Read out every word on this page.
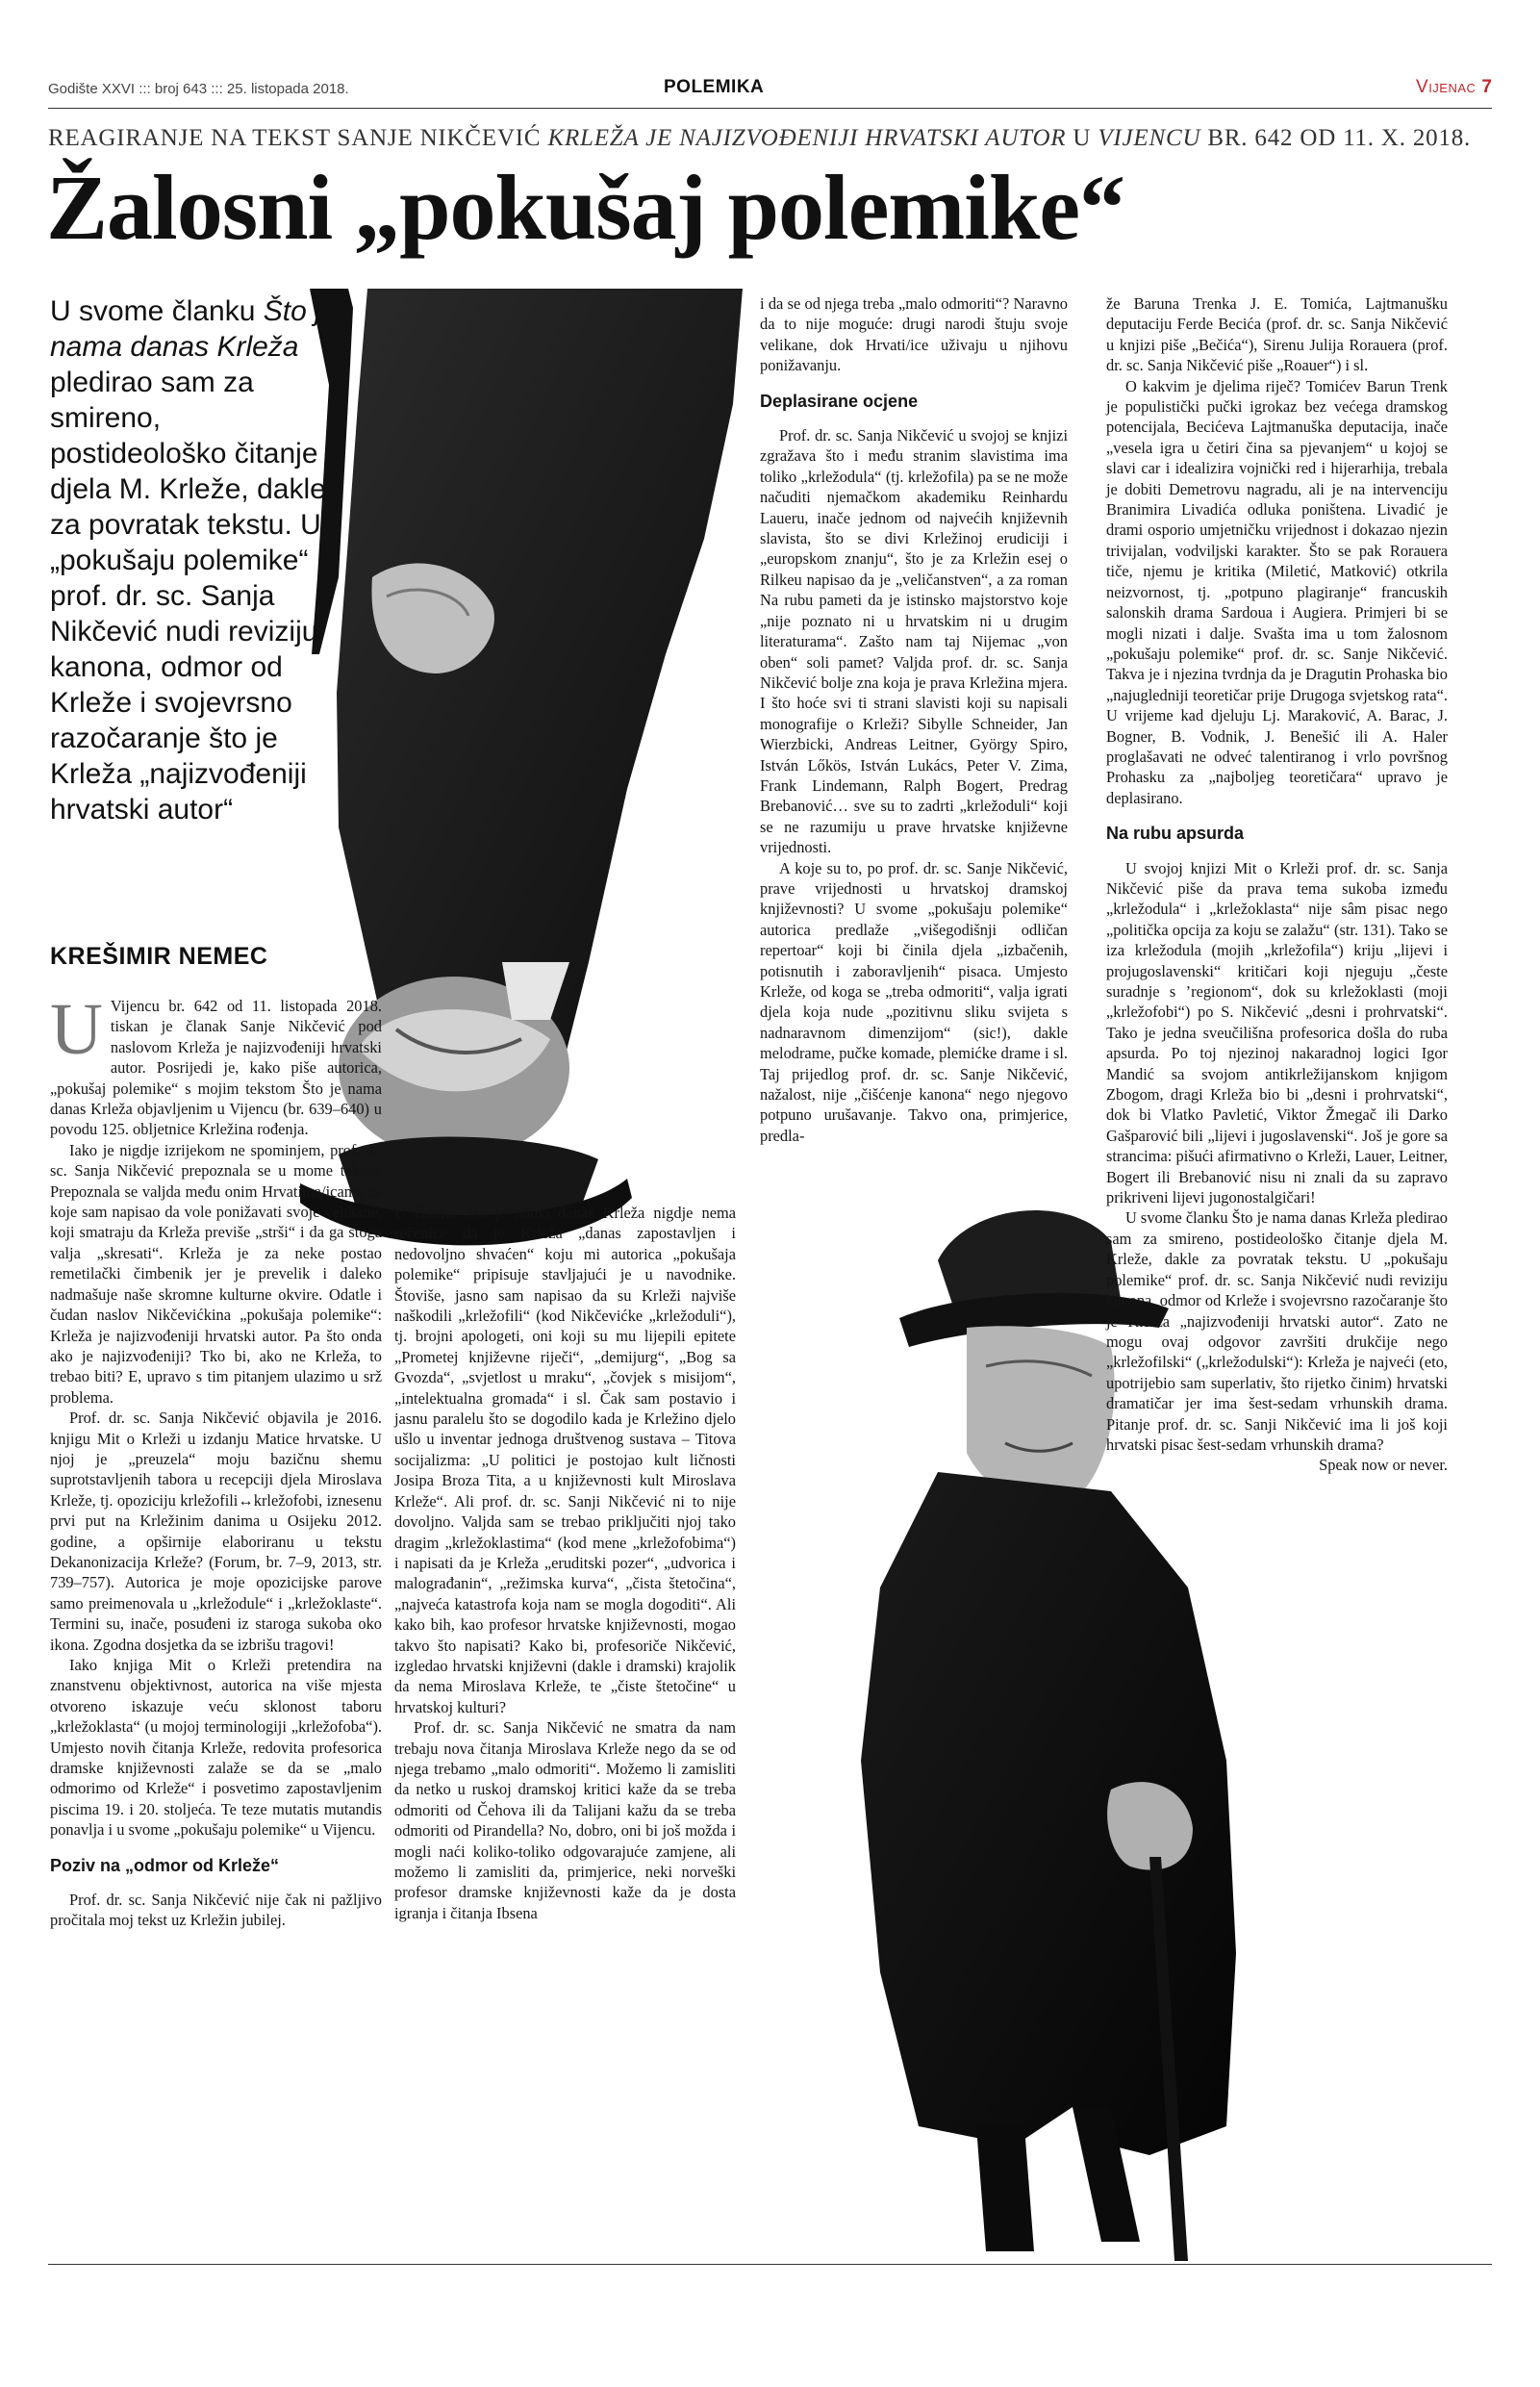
Godište XXVI ::: broj 643 ::: 25. listopada 2018.	POLEMIKA	Vijenac 7
REAGIRANJE NA TEKST SANJE NIKČEVIĆ KRLEŽA JE NAJIZVOĐENIJI HRVATSKI AUTOR U VIJENCU BR. 642 OD 11. X. 2018.
Žalosni „pokušaj polemike“
U svome članku Što je nama danas Krleža pledirao sam za smireno, postideološko čitanje djela M. Krleže, dakle za povratak tekstu. U „pokušaju polemike“ prof. dr. sc. Sanja Nikčević nudi reviziju kanona, odmor od Krleže i svojevrsno razočaranje što je Krleža „najizvođeniji hrvatski autor“
KREŠIMIR NEMEC

U Vijencu br. 642 od 11. listopada 2018. tiskan je članak Sanje Nikčević pod naslovom Krleža je najizvođeniji hrvatski autor. Posrijedi je, kako piše autorica, „pokušaj polemike“ s mojim tekstom Što je nama danas Krleža objavljenim u Vijencu (br. 639–640) u povodu 125. obljetnice Krležina rođenja.

Iako je nigdje izrijekom ne spominjem, prof. dr. sc. Sanja Nikčević prepoznala se u mome tekstu. Prepoznala se valjda među onim Hrvatima/icama za koje sam napisao da vole ponižavati svoje velikane, koji smatraju da Krleža previše „strši“ i da ga stoga valja „skresati“. Krleža je za neke postao remetilački čimbenik jer je prevelik i daleko nadmašuje naše skromne kulturne okvire. Odatle i čudan naslov Nikčevićkina „pokušaja polemike“: Krleža je najizvođeniji hrvatski autor. Pa što onda ako je najizvođeniji? Tko bi, ako ne Krleža, to trebao biti? E, upravo s tim pitanjem ulazimo u srž problema.

Prof. dr. sc. Sanja Nikčević objavila je 2016. knjigu Mit o Krleži u izdanju Matice hrvatske. U njoj je „preuzela“ moju bazičnu shemu suprotstavljenih tabora u recepciji djela Miroslava Krleže, tj. opoziciju krležofili↔krležofobi, iznesenu prvi put na Krležinim danima u Osijeku 2012. godine, a opširnije elaboriranu u tekstu Dekanonizacija Krleže? (Forum, br. 7–9, 2013, str. 739–757). Autorica je moje opozicijske parove samo preimenovala u „krležodule“ i „krležoklaste“. Termini su, inače, posuđeni iz staroga sukoba oko ikona. Zgodna dosjetka da se izbrišu tragovi!

Iako knjiga Mit o Krleži pretendira na znanstvenu objektivnost, autorica na više mjesta otvoreno iskazuje veću sklonost taboru „krležoklasta“ (u mojoj terminologiji „krležofoba“). Umjesto novih čitanja Krleže, redovita profesorica dramske književnosti zalaže se da se „malo odmorimo od Krleže“ i posvetimo zapostavljenim piscima 19. i 20. stoljeća. Te teze mutatis mutandis ponavlja i u svome „pokušaju polemike“ u Vijencu.

Poziv na „odmor od Krleže“

Prof. dr. sc. Sanja Nikčević nije čak ni pažljivo pročitala moj tekst uz Krležin jubilej.

U članku Što je nama danas Krleža nigdje nema rečenice da je Krleža „danas zapostavljen i nedovoljno shvaćen“ koju mi autorica „pokušaja polemike“ pripisuje stavljajući je u navodnike. Štoviše, jasno sam napisao da su Krleži najviše naškodili „krležofili“ (kod Nikčevićke „krležoduli“), tj. brojni apologeti, oni koji su mu lijepili epitete „Prometej književne riječi“, „demijurg“, „Bog sa Gvozda“, „svjetlost u mraku“, „čovjek s misijom“, „intelektualna gromada“ i sl. Čak sam postavio i jasnu paralelu što se dogodilo kada je Krležino djelo ušlo u inventar jednoga društvenog sustava – Titova socijalizma: „U politici je postojao kult ličnosti Josipa Broza Tita, a u književnosti kult Miroslava Krleže“. Ali prof. dr. sc. Sanji Nikčević ni to nije dovoljno. Valjda sam se trebao priključiti njoj tako dragim „krležoklastima“ (kod mene „krležofobima“) i napisati da je Krleža „eruditski pozer“, „udvorica i malograđanin“, „režimska kurva“, „čista štetočina“, „najveća katastrofa koja nam se mogla dogoditi“. Ali kako bih, kao profesor hrvatske književnosti, mogao takvo što napisati? Kako bi, profesoriče Nikčević, izgledao hrvatski književni (dakle i dramski) krajolik da nema Miroslava Krleže, te „čiste štetočine“ u hrvatskoj kulturi?

Prof. dr. sc. Sanja Nikčević ne smatra da nam trebaju nova čitanja Miroslava Krleže nego da se od njega trebamo „malo odmoriti“. Možemo li zamisliti da netko u ruskoj dramskoj kritici kaže da se treba odmoriti od Čehova ili da Talijani kažu da se treba odmoriti od Pirandella? No, dobro, oni bi još možda i mogli naći koliko-toliko odgovarajuće zamjene, ali možemo li zamisliti da, primjerice, neki norveški profesor dramske književnosti kaže da je dosta igranja i čitanja Ibsena

i da se od njega treba „malo odmoriti“? Naravno da to nije moguće: drugi narodi štuju svoje velikane, dok Hrvati/ice uživaju u njihovu ponižavanju.

Deplasirane ocjene

Prof. dr. sc. Sanja Nikčević u svojoj se knjizi zgražava što i među stranim slavistima ima toliko „krležodula“ (tj. krležofila) pa se ne može načuditi njemačkom akademiku Reinhardu Laueru, inače jednom od najvećih književnih slavista, što se divi Krležinoj erudiciji i „europskom znanju“, što je za Krležin esej o Rilkeu napisao da je „veličanstven“, a za roman Na rubu pameti da je istinsko majstorstvo koje „nije poznato ni u hrvatskim ni u drugim literaturama“. Zašto nam taj Nijemac „von oben“ soli pamet? Valjda prof. dr. sc. Sanja Nikčević bolje zna koja je prava Krležina mjera. I što hoće svi ti strani slavisti koji su napisali monografije o Krleži? Sibylle Schneider, Jan Wierzbicki, Andreas Leitner, György Spiro, István Lőkös, István Lukács, Peter V. Zima, Frank Lindemann, Ralph Bogert, Predrag Brebanović… sve su to zadrti „krležoduli“ koji se ne razumiju u prave hrvatske književne vrijednosti.

A koje su to, po prof. dr. sc. Sanje Nikčević, prave vrijednosti u hrvatskoj dramskoj književnosti? U svome „pokušaju polemike“ autorica predlaže „višegodišnji odličan repertoar“ koji bi činila djela „izbačenih, potisnutih i zaboravljenih“ pisaca. Umjesto Krleže, od koga se „treba odmoriti“, valja igrati djela koja nude „pozitivnu sliku svijeta s nadnaravnom dimenzijom“ (sic!), dakle melodrame, pučke komade, plemićke drame i sl. Taj prijedlog prof. dr. sc. Sanje Nikčević, nažalost, nije „čišćenje kanona“ nego njegovo potpuno urušavanje. Takvo ona, primjerice, predla-

že Baruna Trenka J. E. Tomića, Lajtmanušku deputaciju Ferde Becića (prof. dr. sc. Sanja Nikčević u knjizi piše „Bečića“), Sirenu Julija Rorauera (prof. dr. sc. Sanja Nikčević piše „Roauer“) i sl.

O kakvim je djelima riječ? Tomićev Barun Trenk je populistički pučki igrokaz bez većega dramskog potencijala, Becićeva Lajtmanuška deputacija, inače „vesela igra u četiri čina sa pjevanjem“ u kojoj se slavi car i idealizira vojnički red i hijerarhija, trebala je dobiti Demetrovu nagradu, ali je na intervenciju Branimira Livadića odluka poništena. Livadić je drami osporio umjetničku vrijednost i dokazao njezin trivijalan, vodviljski karakter. Što se pak Rorauera tiče, njemu je kritika (Miletić, Matković) otkrila neizvornost, tj. „potpuno plagiranje“ francuskih salonskih drama Sardoua i Augiera. Primjeri bi se mogli nizati i dalje. Svašta ima u tom žalosnom „pokušaju polemike“ prof. dr. sc. Sanje Nikčević. Takva je i njezina tvrdnja da je Dragutin Prohaska bio „najugledniji teoretičar prije Drugoga svjetskog rata“. U vrijeme kad djeluju Lj. Maraković, A. Barac, J. Bogner, B. Vodnik, J. Benešić ili A. Haler proglašavati ne odveć talentiranog i vrlo površnog Prohasku za „najboljeg teoretičara“ upravo je deplasirano.

Na rubu apsurda

U svojoj knjizi Mit o Krleži prof. dr. sc. Sanja Nikčević piše da prava tema sukoba između „krležodula“ i „krležoklasta“ nije sâm pisac nego „politička opcija za koju se zalažu“ (str. 131). Tako se iza krležodula (mojih „krležofila“) kriju „lijevi i projugoslavenski“ kritičari koji njeguju „česte suradnje s ’regionom“, dok su krležoklasti (moji „krležofobi“) po S. Nikčević „desni i prohrvatski“. Tako je jedna sveučilišna profesorica došla do ruba apsurda. Po toj njezinoj nakaradnoj logici Igor Mandić sa svojom antikrležijanskom knjigom Zbogom, dragi Krleža bio bi „desni i prohrvatski“, dok bi Vlatko Pavletić, Viktor Žmegač ili Darko Gašparović bili „lijevi i jugoslavenski“. Još je gore sa strancima: pišući afirmativno o Krleži, Lauer, Leitner, Bogert ili Brebanović nisu ni znali da su zapravo prikriveni lijevi jugonostalgičari!

U svome članku Što je nama danas Krleža pledirao sam za smireno, postideološko čitanje djela M. Krleže, dakle za povratak tekstu. U „pokušaju polemike“ prof. dr. sc. Sanja Nikčević nudi reviziju kanona, odmor od Krleže i svojevrsno razočaranje što je Krleža „najizvođeniji hrvatski autor“. Zato ne mogu ovaj odgovor završiti drukčije nego „krležofilski“ („krležodulski“): Krleža je najveći (eto, upotrijebio sam superlativ, što rijetko činim) hrvatski dramatičar jer ima šest-sedam vrhunskih drama. Pitanje prof. dr. sc. Sanji Nikčević ima li još koji hrvatski pisac šest-sedam vrhunskih drama?

Speak now or never.
